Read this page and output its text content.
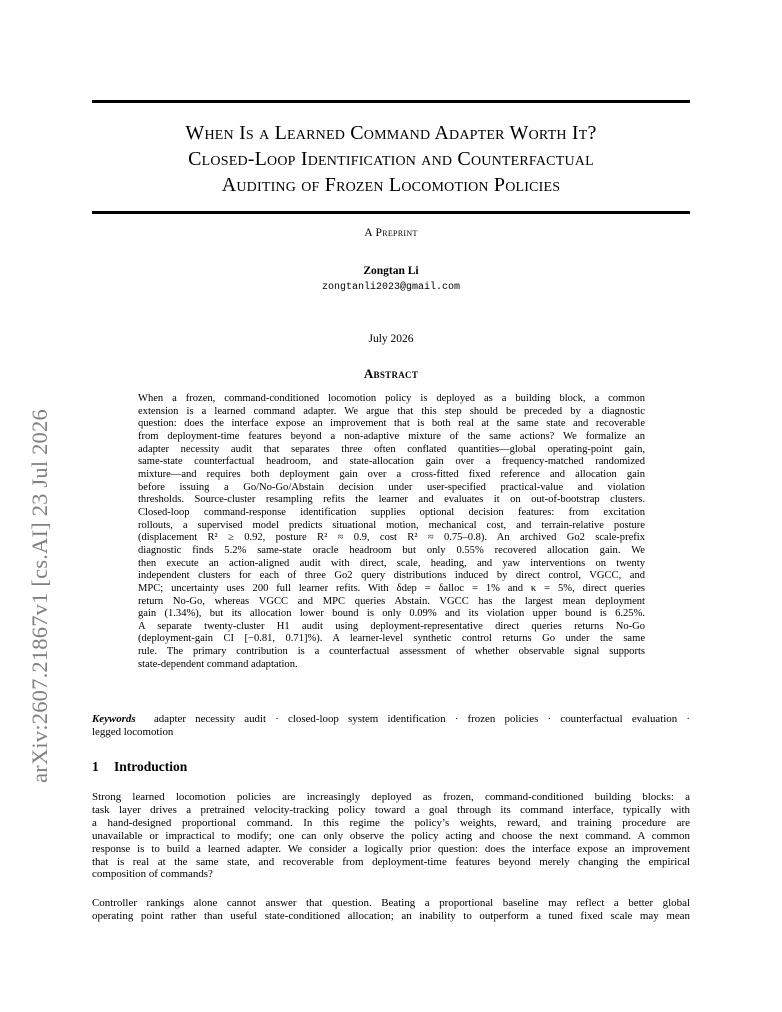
arXiv:2607.21867v1 [cs.AI] 23 Jul 2026
When Is a Learned Command Adapter Worth It?
Closed-Loop Identification and Counterfactual
Auditing of Frozen Locomotion Policies
A Preprint
Zongtan Li
zongtanli2023@gmail.com
July 2026
Abstract
When a frozen, command-conditioned locomotion policy is deployed as a building block, a common
extension is a learned command adapter. We argue that this step should be preceded by a diagnostic
question: does the interface expose an improvement that is both real at the same state and recoverable
from deployment-time features beyond a non-adaptive mixture of the same actions? We formalize an
adapter necessity audit that separates three often conflated quantities—global operating-point gain,
same-state counterfactual headroom, and state-allocation gain over a frequency-matched randomized
mixture—and requires both deployment gain over a cross-fitted fixed reference and allocation gain
before issuing a Go/No-Go/Abstain decision under user-specified practical-value and violation
thresholds. Source-cluster resampling refits the learner and evaluates it on out-of-bootstrap clusters.
Closed-loop command-response identification supplies optional decision features: from excitation
rollouts, a supervised model predicts situational motion, mechanical cost, and terrain-relative posture
(displacement R² ≥ 0.92, posture R² ≈ 0.9, cost R² ≈ 0.75–0.8). An archived Go2 scale-prefix
diagnostic finds 5.2% same-state oracle headroom but only 0.55% recovered allocation gain. We
then execute an action-aligned audit with direct, scale, heading, and yaw interventions on twenty
independent clusters for each of three Go2 query distributions induced by direct control, VGCC, and
MPC; uncertainty uses 200 full learner refits. With δdep = δalloc = 1% and κ = 5%, direct queries
return No-Go, whereas VGCC and MPC queries Abstain. VGCC has the largest mean deployment
gain (1.34%), but its allocation lower bound is only 0.09% and its violation upper bound is 6.25%.
A separate twenty-cluster H1 audit using deployment-representative direct queries returns No-Go
(deployment-gain CI [−0.81, 0.71]%). A learner-level synthetic control returns Go under the same
rule. The primary contribution is a counterfactual assessment of whether observable signal supports
state-dependent command adaptation.
Keywords adapter necessity audit · closed-loop system identification · frozen policies · counterfactual evaluation ·
legged locomotion
1 Introduction
Strong learned locomotion policies are increasingly deployed as frozen, command-conditioned building blocks: a
task layer drives a pretrained velocity-tracking policy toward a goal through its command interface, typically with
a hand-designed proportional command. In this regime the policy’s weights, reward, and training procedure are
unavailable or impractical to modify; one can only observe the policy acting and choose the next command. A common
response is to build a learned adapter. We consider a logically prior question: does the interface expose an improvement
that is real at the same state, and recoverable from deployment-time features beyond merely changing the empirical
composition of commands?
Controller rankings alone cannot answer that question. Beating a proportional baseline may reflect a better global
operating point rather than useful state-conditioned allocation; an inability to outperform a tuned fixed scale may mean
